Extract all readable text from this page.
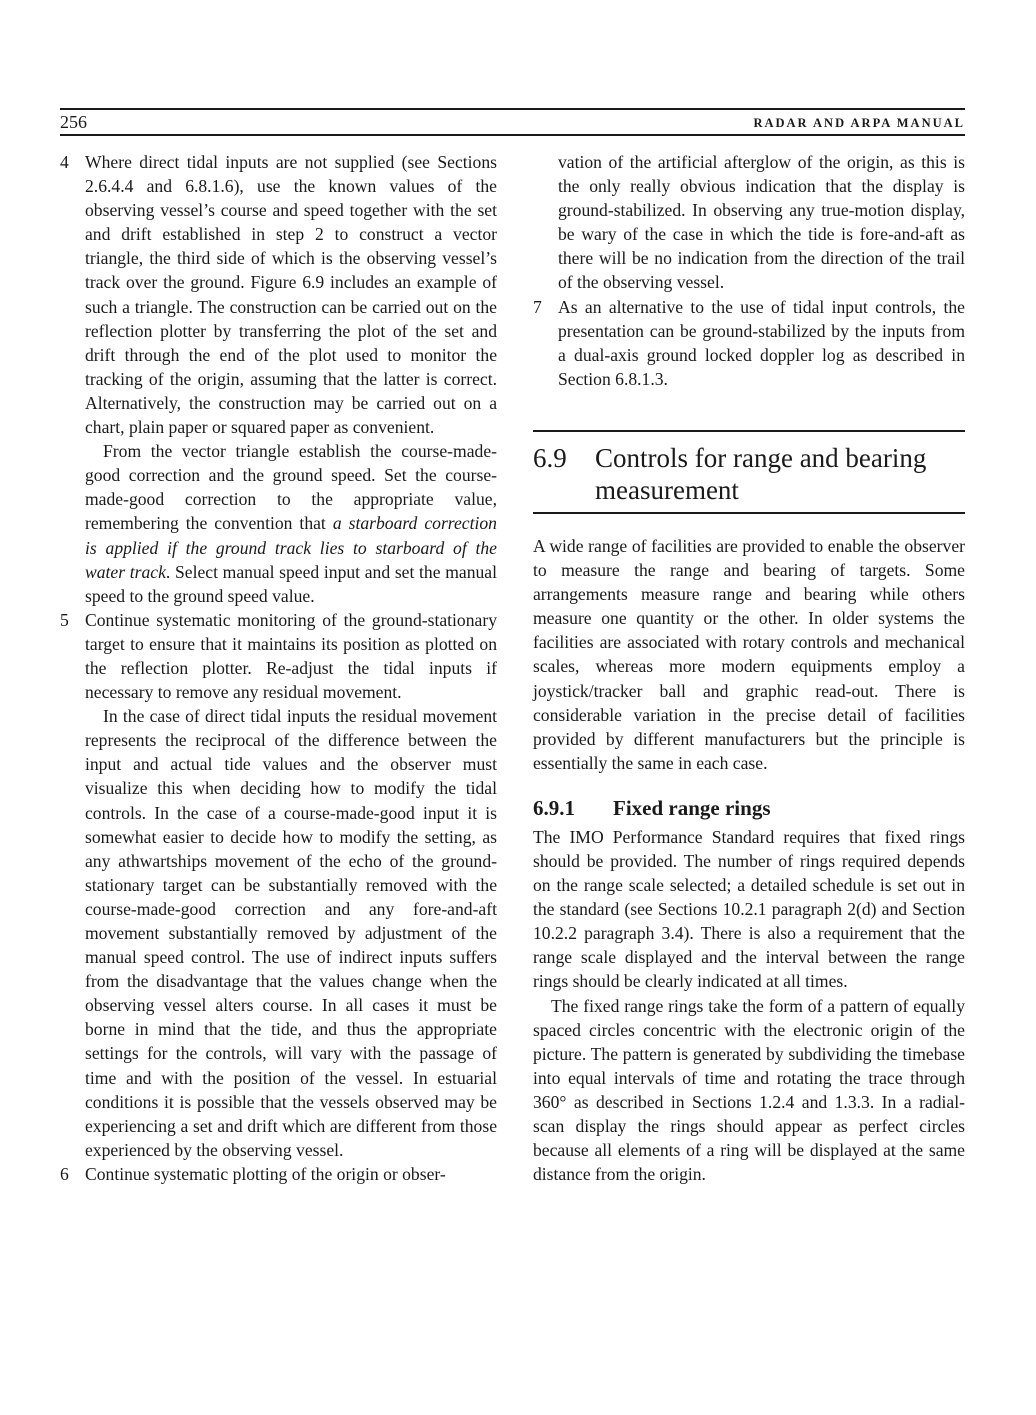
256	RADAR AND ARPA MANUAL
4 Where direct tidal inputs are not supplied (see Sections 2.6.4.4 and 6.8.1.6), use the known values of the observing vessel’s course and speed together with the set and drift established in step 2 to construct a vector triangle, the third side of which is the observing vessel’s track over the ground. Figure 6.9 includes an example of such a triangle. The construction can be carried out on the reflection plotter by transferring the plot of the set and drift through the end of the plot used to monitor the tracking of the origin, assuming that the latter is correct. Alternatively, the construction may be carried out on a chart, plain paper or squared paper as convenient.

From the vector triangle establish the course-made-good correction and the ground speed. Set the course-made-good correction to the appropriate value, remembering the convention that a starboard correction is applied if the ground track lies to starboard of the water track. Select manual speed input and set the manual speed to the ground speed value.

5 Continue systematic monitoring of the ground-stationary target to ensure that it maintains its position as plotted on the reflection plotter. Re-adjust the tidal inputs if necessary to remove any residual movement.

In the case of direct tidal inputs the residual movement represents the reciprocal of the difference between the input and actual tide values and the observer must visualize this when deciding how to modify the tidal controls. In the case of a course-made-good input it is somewhat easier to decide how to modify the setting, as any athwartships movement of the echo of the ground-stationary target can be substantially removed with the course-made-good correction and any fore-and-aft movement substantially removed by adjustment of the manual speed control. The use of indirect inputs suffers from the disadvantage that the values change when the observing vessel alters course. In all cases it must be borne in mind that the tide, and thus the appropriate settings for the controls, will vary with the passage of time and with the position of the vessel. In estuarial conditions it is possible that the vessels observed may be experiencing a set and drift which are different from those experienced by the observing vessel.

6 Continue systematic plotting of the origin or obser-

vation of the artificial afterglow of the origin, as this is the only really obvious indication that the display is ground-stabilized. In observing any true-motion display, be wary of the case in which the tide is fore-and-aft as there will be no indication from the direction of the trail of the observing vessel.

7 As an alternative to the use of tidal input controls, the presentation can be ground-stabilized by the inputs from a dual-axis ground locked doppler log as described in Section 6.8.1.3.

6.9 Controls for range and bearing measurement

A wide range of facilities are provided to enable the observer to measure the range and bearing of targets. Some arrangements measure range and bearing while others measure one quantity or the other. In older systems the facilities are associated with rotary controls and mechanical scales, whereas more modern equipments employ a joystick/tracker ball and graphic read-out. There is considerable variation in the precise detail of facilities provided by different manufacturers but the principle is essentially the same in each case.

6.9.1 Fixed range rings

The IMO Performance Standard requires that fixed rings should be provided. The number of rings required depends on the range scale selected; a detailed schedule is set out in the standard (see Sections 10.2.1 paragraph 2(d) and Section 10.2.2 paragraph 3.4). There is also a requirement that the range scale displayed and the interval between the range rings should be clearly indicated at all times.

The fixed range rings take the form of a pattern of equally spaced circles concentric with the electronic origin of the picture. The pattern is generated by subdividing the timebase into equal intervals of time and rotating the trace through 360° as described in Sections 1.2.4 and 1.3.3. In a radial-scan display the rings should appear as perfect circles because all elements of a ring will be displayed at the same distance from the origin.
